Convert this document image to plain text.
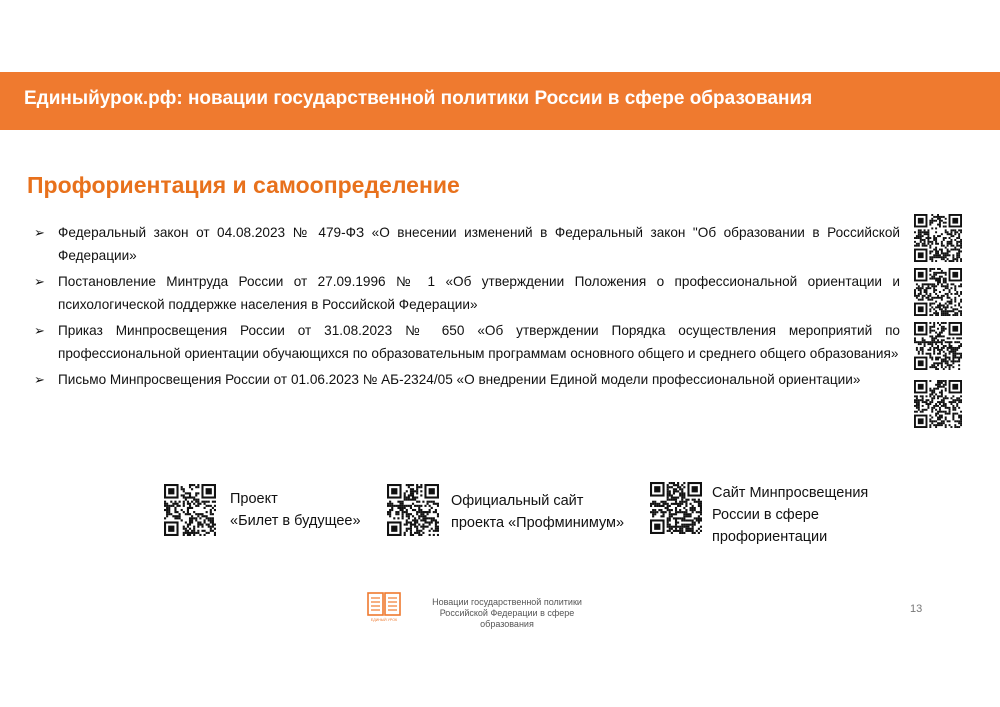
Единыйурок.рф: новации государственной политики России в сфере образования
Профориентация и самоопределение
➢ Федеральный закон от 04.08.2023 № 479-ФЗ «О внесении изменений в Федеральный закон "Об образовании в Российской Федерации»
➢ Постановление Минтруда России от 27.09.1996 № 1 «Об утверждении Положения о профессиональной ориентации и психологической поддержке населения в Российской Федерации»
➢ Приказ Минпросвещения России от 31.08.2023 № 650 «Об утверждении Порядка осуществления мероприятий по профессиональной ориентации обучающихся по образовательным программам основного общего и среднего общего образования»
➢ Письмо Минпросвещения России от 01.06.2023 № АБ-2324/05 «О внедрении Единой модели профессиональной ориентации»
Проект
«Билет в будущее»
Официальный сайт
проекта «Профминимум»
Сайт Минпросвещения
России в сфере
профориентации
ЕДИНЫЙ УРОК
Новации государственной политики
Российской Федерации в сфере образования
13
